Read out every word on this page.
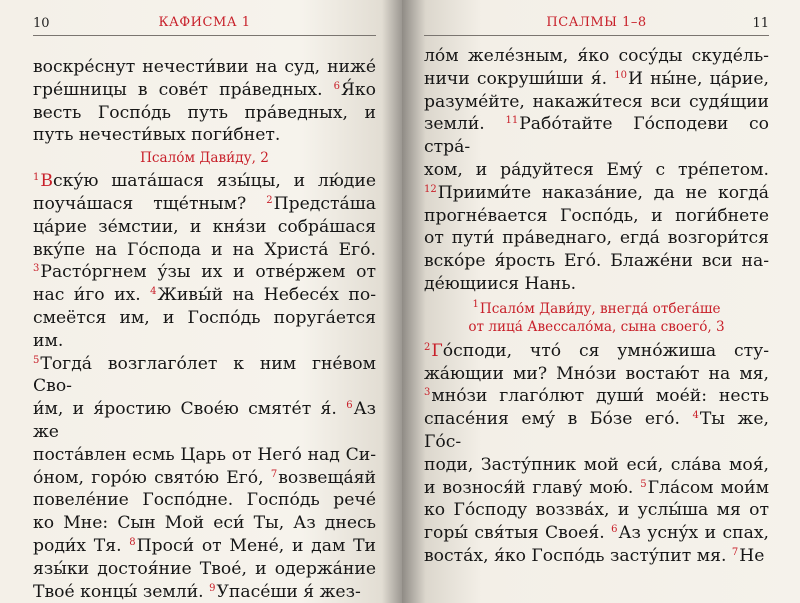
10	КАФИСМА 1

воскре́снут нечести́вии на суд, ниже́

гре́шницы в сове́т пра́ведных. $^6$Я́ко

весть Госпо́дь путь пра́ведных, и

путь нечести́вых поги́бнет.

Псало́м Дави́ду, 2

$^1$Вску́ю шата́шася язы́цы, и лю́дие

поуча́шася тще́тным? $^2$Предста́ша

ца́рие зе́мстии, и кня́зи собра́шася

вку́пе на Го́спода и на Христа́ Его́.

$^3$Расто́ргнем у́зы их и отве́ржем от

нас и́го их. $^4$Живы́й на Небесе́х по-

смеётся им, и Госпо́дь поруга́ется им.

$^5$Тогда́ возглаго́лет к ним гне́вом Сво-

и́м, и я́ростию Свое́ю смяте́т я́. $^6$Аз же

поста́влен есмь Царь от Него́ над Си-

о́ном, горо́ю свято́ю Его́, $^7$возвеща́яй

повеле́ние Госпо́дне. Госпо́дь рече́

ко Мне: Сын Мой еси́ Ты, Аз днесь

роди́х Тя. $^8$Проси́ от Мене́, и дам Ти

язы́ки достоя́ние Твое́, и одержа́ние

Твое́ концы́ земли́. $^9$Упасе́ши я́ жез-

ПСАЛМЫ 1–8	11

ло́м желе́зным, я́ко сосу́ды скуде́ль-

ничи сокруши́ши я́. $^{10}$И ны́не, ца́рие,

разуме́йте, накажи́тeся вси судя́щии

земли́. $^{11}$Рабо́тайте Го́сподеви со стра́-

хом, и ра́дуйтеся Ему́ с тре́петом.

$^{12}$Приими́те наказа́ние, да не когда́

прогне́вается Госпо́дь, и поги́бнете

от пути́ пра́веднаго, егда́ возгори́тся

вско́ре я́рость Его́. Блаже́ни вси на-

де́ющиися Нань.

$^1$Псало́м Дави́ду, внегда́ отбега́ше
от лица́ Авессало́ма, сына своего́, 3

$^2$Го́споди, что́ ся умно́жиша сту-

жа́ющии ми? Мно́зи востаю́т на мя,

$^3$мно́зи глаго́лют души́ мое́й: несть

спасе́ния ему́ в Бо́зе его́. $^4$Ты же, Го́с-

поди, Засту́пник мой еси́, сла́ва моя́,

и вознося́й главу́ мою́. $^5$Гла́сом мои́м

ко Го́споду воззва́х, и услы́ша мя от

горы́ свя́тыя Своея́. $^6$Аз усну́х и спах,

воста́х, я́ко Госпо́дь засту́пит мя. $^7$Не
